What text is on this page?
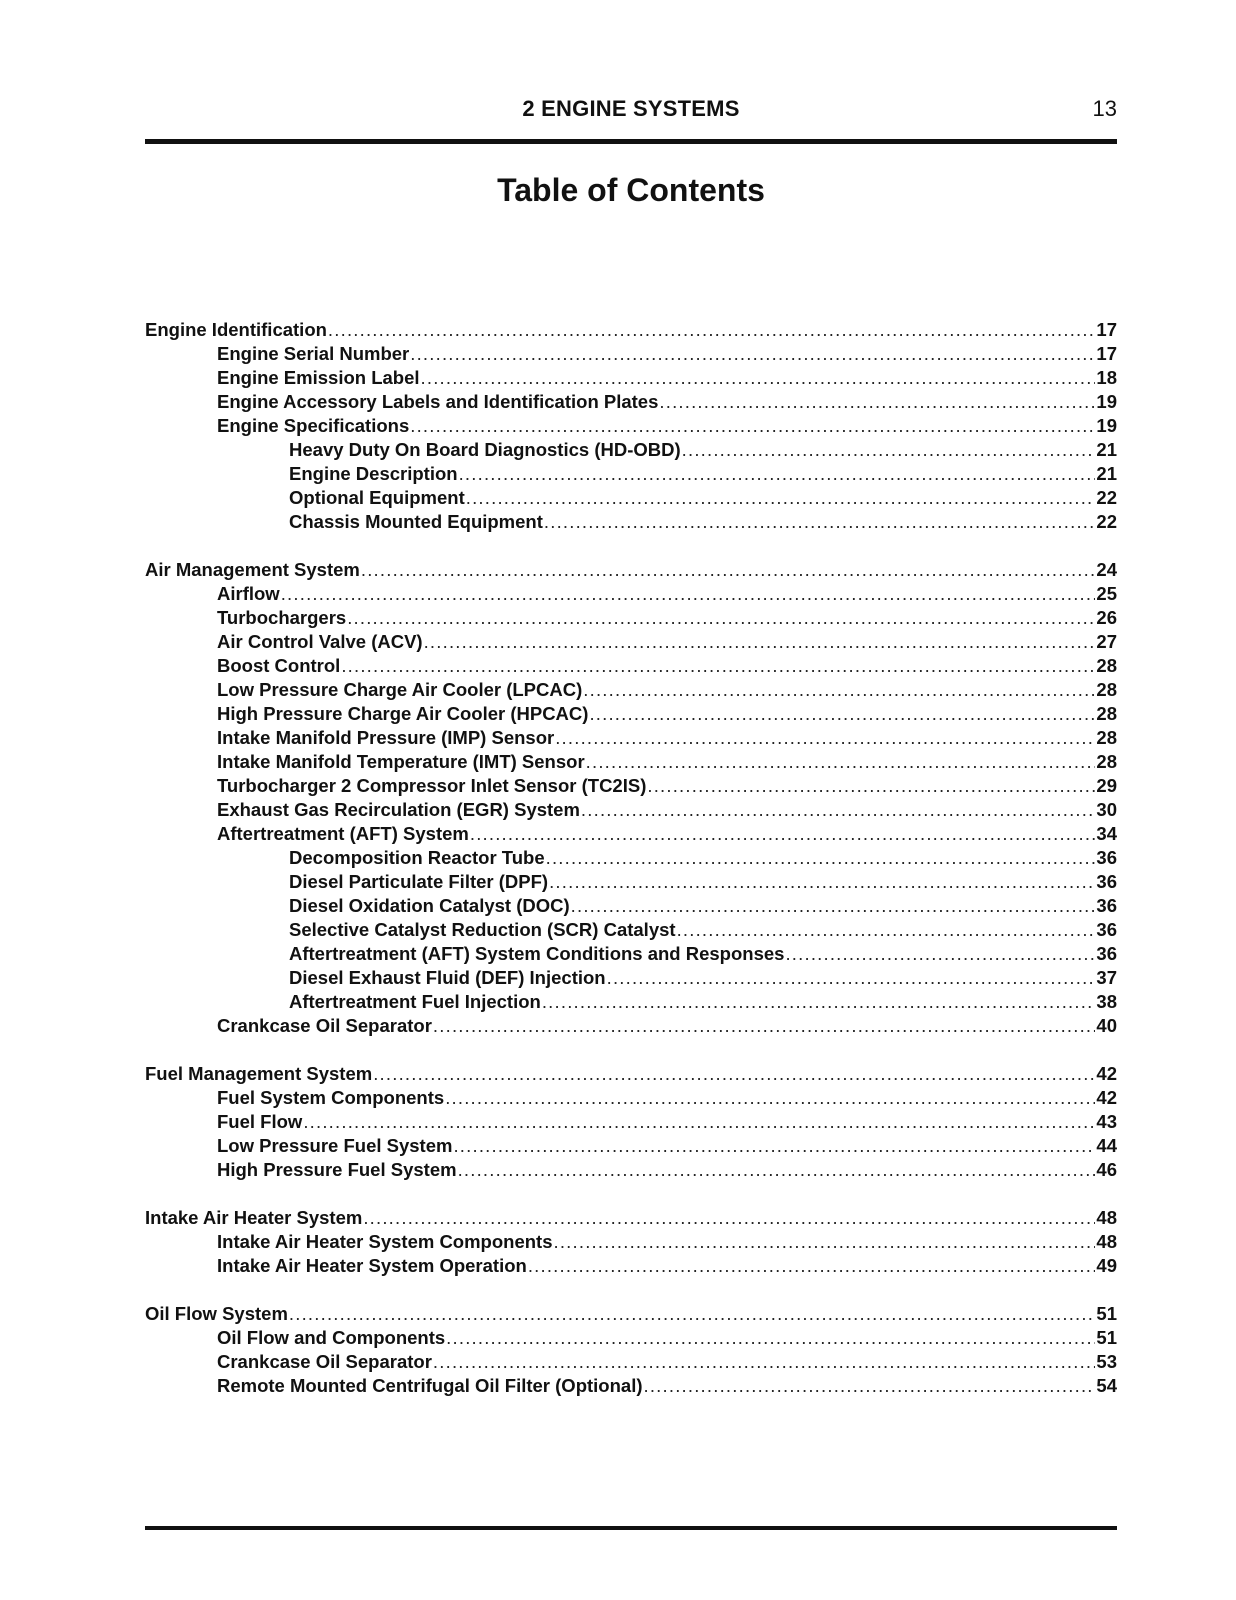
2 ENGINE SYSTEMS	13
Table of Contents
Engine Identification .....	17
Engine Serial Number .....	17
Engine Emission Label .....	18
Engine Accessory Labels and Identification Plates .....	19
Engine Specifications .....	19
Heavy Duty On Board Diagnostics (HD-OBD) .....	21
Engine Description .....	21
Optional Equipment .....	22
Chassis Mounted Equipment .....	22
Air Management System .....	24
Airflow .....	25
Turbochargers .....	26
Air Control Valve (ACV) .....	27
Boost Control .....	28
Low Pressure Charge Air Cooler (LPCAC) .....	28
High Pressure Charge Air Cooler (HPCAC) .....	28
Intake Manifold Pressure (IMP) Sensor .....	28
Intake Manifold Temperature (IMT) Sensor .....	28
Turbocharger 2 Compressor Inlet Sensor (TC2IS) .....	29
Exhaust Gas Recirculation (EGR) System .....	30
Aftertreatment (AFT) System .....	34
Decomposition Reactor Tube .....	36
Diesel Particulate Filter (DPF) .....	36
Diesel Oxidation Catalyst (DOC) .....	36
Selective Catalyst Reduction (SCR) Catalyst .....	36
Aftertreatment (AFT) System Conditions and Responses .....	36
Diesel Exhaust Fluid (DEF) Injection .....	37
Aftertreatment Fuel Injection .....	38
Crankcase Oil Separator .....	40
Fuel Management System .....	42
Fuel System Components .....	42
Fuel Flow .....	43
Low Pressure Fuel System .....	44
High Pressure Fuel System .....	46
Intake Air Heater System .....	48
Intake Air Heater System Components .....	48
Intake Air Heater System Operation .....	49
Oil Flow System .....	51
Oil Flow and Components .....	51
Crankcase Oil Separator .....	53
Remote Mounted Centrifugal Oil Filter (Optional) .....	54
